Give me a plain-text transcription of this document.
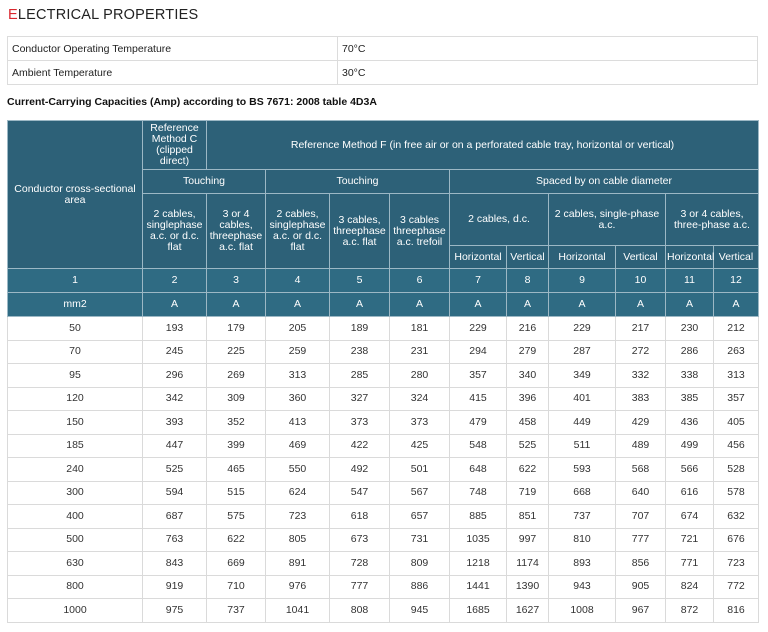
ELECTRICAL PROPERTIES
Conductor Operating Temperature	70°C
Ambient Temperature	30°C
Current-Carrying Capacities (Amp) according to BS 7671: 2008 table 4D3A
Conductor cross-sectional area	Reference Method C (clipped direct)	Reference Method F (in free air or on a perforated cable tray, horizontal or vertical)									
	Touching		Touching			Spaced by on cable diameter					
	2 cables, singlephase a.c. or d.c. flat	3 or 4 cables, threephase a.c. flat	2 cables, singlephase a.c. or d.c. flat	3 cables, threephase a.c. flat	3 cables threephase a.c. trefoil	2 cables, d.c.		2 cables, single-phase a.c.		3 or 4 cables, three-phase a.c.	
						Horizontal	Vertical	Horizontal	Vertical	Horizontal	Vertical
1	2	3	4	5	6	7	8	9	10	11	12
mm2	A	A	A	A	A	A	A	A	A	A	A
50	193	179	205	189	181	229	216	229	217	230	212
70	245	225	259	238	231	294	279	287	272	286	263
95	296	269	313	285	280	357	340	349	332	338	313
120	342	309	360	327	324	415	396	401	383	385	357
150	393	352	413	373	373	479	458	449	429	436	405
185	447	399	469	422	425	548	525	511	489	499	456
240	525	465	550	492	501	648	622	593	568	566	528
300	594	515	624	547	567	748	719	668	640	616	578
400	687	575	723	618	657	885	851	737	707	674	632
500	763	622	805	673	731	1035	997	810	777	721	676
630	843	669	891	728	809	1218	1174	893	856	771	723
800	919	710	976	777	886	1441	1390	943	905	824	772
1000	975	737	1041	808	945	1685	1627	1008	967	872	816
